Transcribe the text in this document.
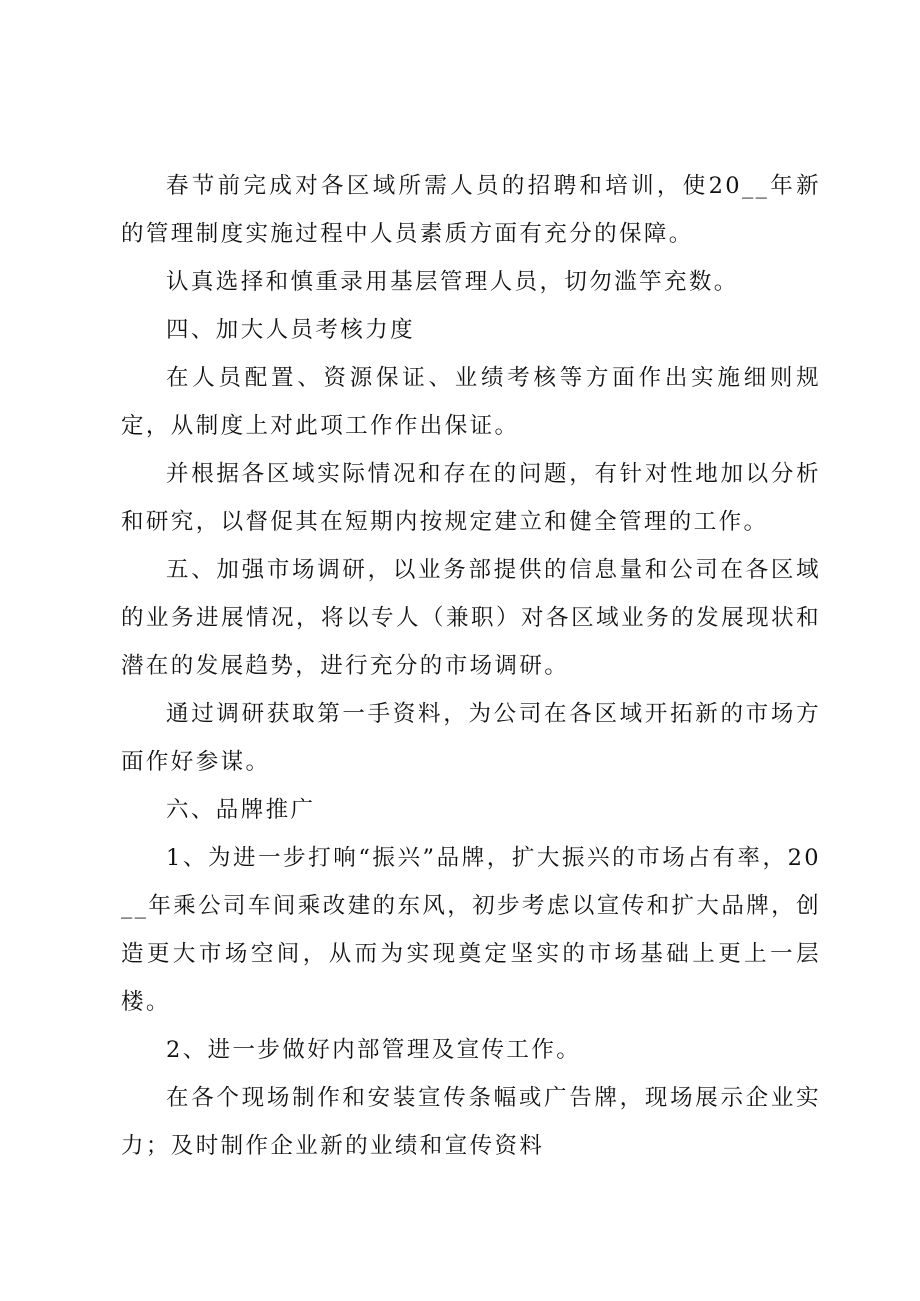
春节前完成对各区域所需人员的招聘和培训，使20__年新的管理制度实施过程中人员素质方面有充分的保障。

认真选择和慎重录用基层管理人员，切勿滥竽充数。

四、加大人员考核力度

在人员配置、资源保证、业绩考核等方面作出实施细则规定，从制度上对此项工作作出保证。

并根据各区域实际情况和存在的问题，有针对性地加以分析和研究，以督促其在短期内按规定建立和健全管理的工作。

五、加强市场调研，以业务部提供的信息量和公司在各区域的业务进展情况，将以专人（兼职）对各区域业务的发展现状和潜在的发展趋势，进行充分的市场调研。

通过调研获取第一手资料，为公司在各区域开拓新的市场方面作好参谋。

六、品牌推广

1、为进一步打响“振兴”品牌，扩大振兴的市场占有率，20__年乘公司车间乘改建的东风，初步考虑以宣传和扩大品牌，创造更大市场空间，从而为实现奠定坚实的市场基础上更上一层楼。

2、进一步做好内部管理及宣传工作。

在各个现场制作和安装宣传条幅或广告牌，现场展示企业实力；及时制作企业新的业绩和宣传资料
